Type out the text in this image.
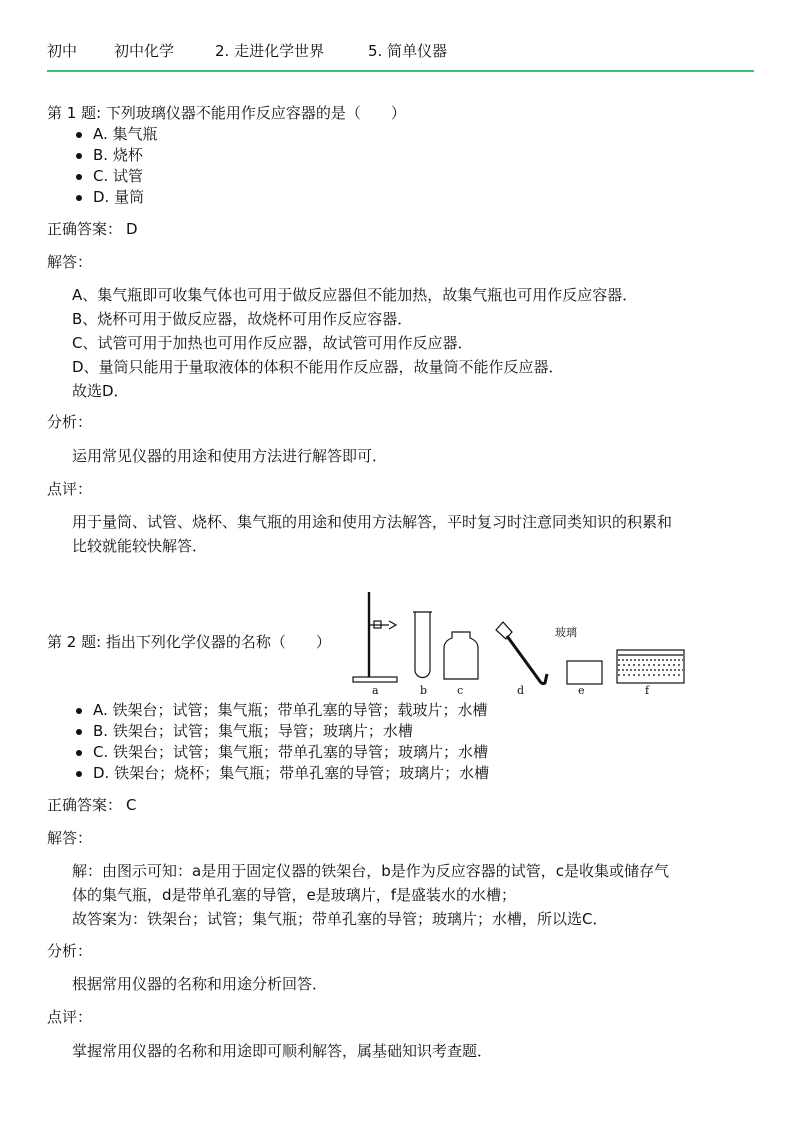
初中	初中化学	2. 走进化学世界	5. 简单仪器
第 1 题: 下列玻璃仪器不能用作反应容器的是（　　）
A. 集气瓶
B. 烧杯
C. 试管
D. 量筒
正确答案： D
解答：
A、集气瓶即可收集气体也可用于做反应器但不能加热，故集气瓶也可用作反应容器．
B、烧杯可用于做反应器，故烧杯可用作反应容器．
C、试管可用于加热也可用作反应器，故试管可用作反应器．
D、量筒只能用于量取液体的体积不能用作反应器，故量筒不能作反应器．
故选D．
分析：
运用常见仪器的用途和使用方法进行解答即可．
点评：
用于量筒、试管、烧杯、集气瓶的用途和使用方法解答，平时复习时注意同类知识的积累和
比较就能较快解答．
第 2 题: 指出下列化学仪器的名称（　　）
玻璃
a	b	c	d	e	f
A. 铁架台；试管；集气瓶；带单孔塞的导管；载玻片；水槽
B. 铁架台；试管；集气瓶；导管；玻璃片；水槽
C. 铁架台；试管；集气瓶；带单孔塞的导管；玻璃片；水槽
D. 铁架台；烧杯；集气瓶；带单孔塞的导管；玻璃片；水槽
正确答案： C
解答：
解：由图示可知：a是用于固定仪器的铁架台，b是作为反应容器的试管，c是收集或储存气
体的集气瓶，d是带单孔塞的导管，e是玻璃片，f是盛装水的水槽；
故答案为：铁架台；试管；集气瓶；带单孔塞的导管；玻璃片；水槽，所以选C．
分析：
根据常用仪器的名称和用途分析回答．
点评：
掌握常用仪器的名称和用途即可顺利解答，属基础知识考查题．
